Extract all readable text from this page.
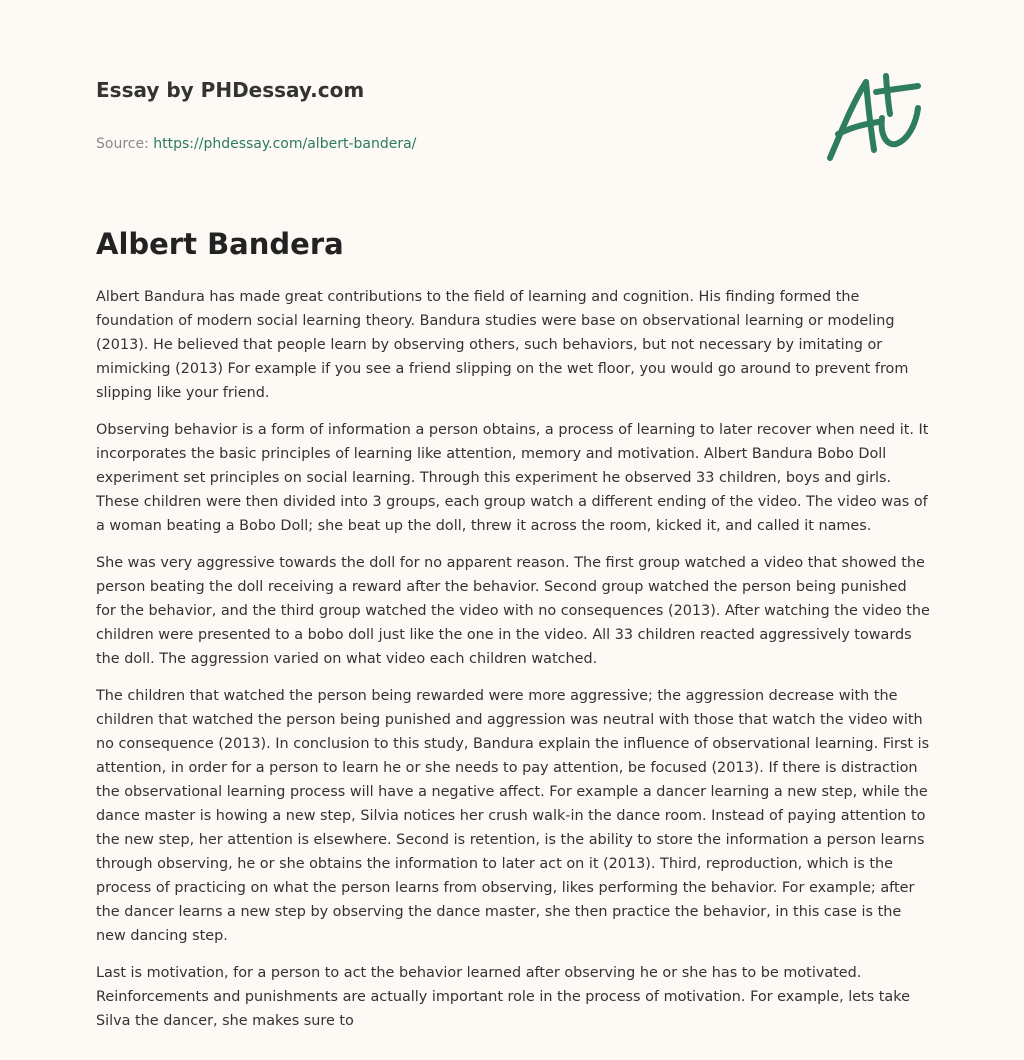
Essay by PHDessay.com
Source: https://phdessay.com/albert-bandera/
Albert Bandera

Albert Bandura has made great contributions to the field of learning and cognition. His finding formed the foundation of modern social learning theory. Bandura studies were base on observational learning or modeling (2013). He believed that people learn by observing others, such behaviors, but not necessary by imitating or mimicking (2013) For example if you see a friend slipping on the wet floor, you would go around to prevent from slipping like your friend.

Observing behavior is a form of information a person obtains, a process of learning to later recover when need it. It incorporates the basic principles of learning like attention, memory and motivation. Albert Bandura Bobo Doll experiment set principles on social learning. Through this experiment he observed 33 children, boys and girls. These children were then divided into 3 groups, each group watch a different ending of the video. The video was of a woman beating a Bobo Doll; she beat up the doll, threw it across the room, kicked it, and called it names.

She was very aggressive towards the doll for no apparent reason. The first group watched a video that showed the person beating the doll receiving a reward after the behavior. Second group watched the person being punished for the behavior, and the third group watched the video with no consequences (2013). After watching the video the children were presented to a bobo doll just like the one in the video. All 33 children reacted aggressively towards the doll. The aggression varied on what video each children watched.

The children that watched the person being rewarded were more aggressive; the aggression decrease with the children that watched the person being punished and aggression was neutral with those that watch the video with no consequence (2013). In conclusion to this study, Bandura explain the influence of observational learning. First is attention, in order for a person to learn he or she needs to pay attention, be focused (2013). If there is distraction the observational learning process will have a negative affect. For example a dancer learning a new step, while the dance master is howing a new step, Silvia notices her crush walk-in the dance room. Instead of paying attention to the new step, her attention is elsewhere. Second is retention, is the ability to store the information a person learns through observing, he or she obtains the information to later act on it (2013). Third, reproduction, which is the process of practicing on what the person learns from observing, likes performing the behavior. For example; after the dancer learns a new step by observing the dance master, she then practice the behavior, in this case is the new dancing step.

Last is motivation, for a person to act the behavior learned after observing he or she has to be motivated. Reinforcements and punishments are actually important role in the process of motivation. For example, lets take Silva the dancer, she makes sure to
